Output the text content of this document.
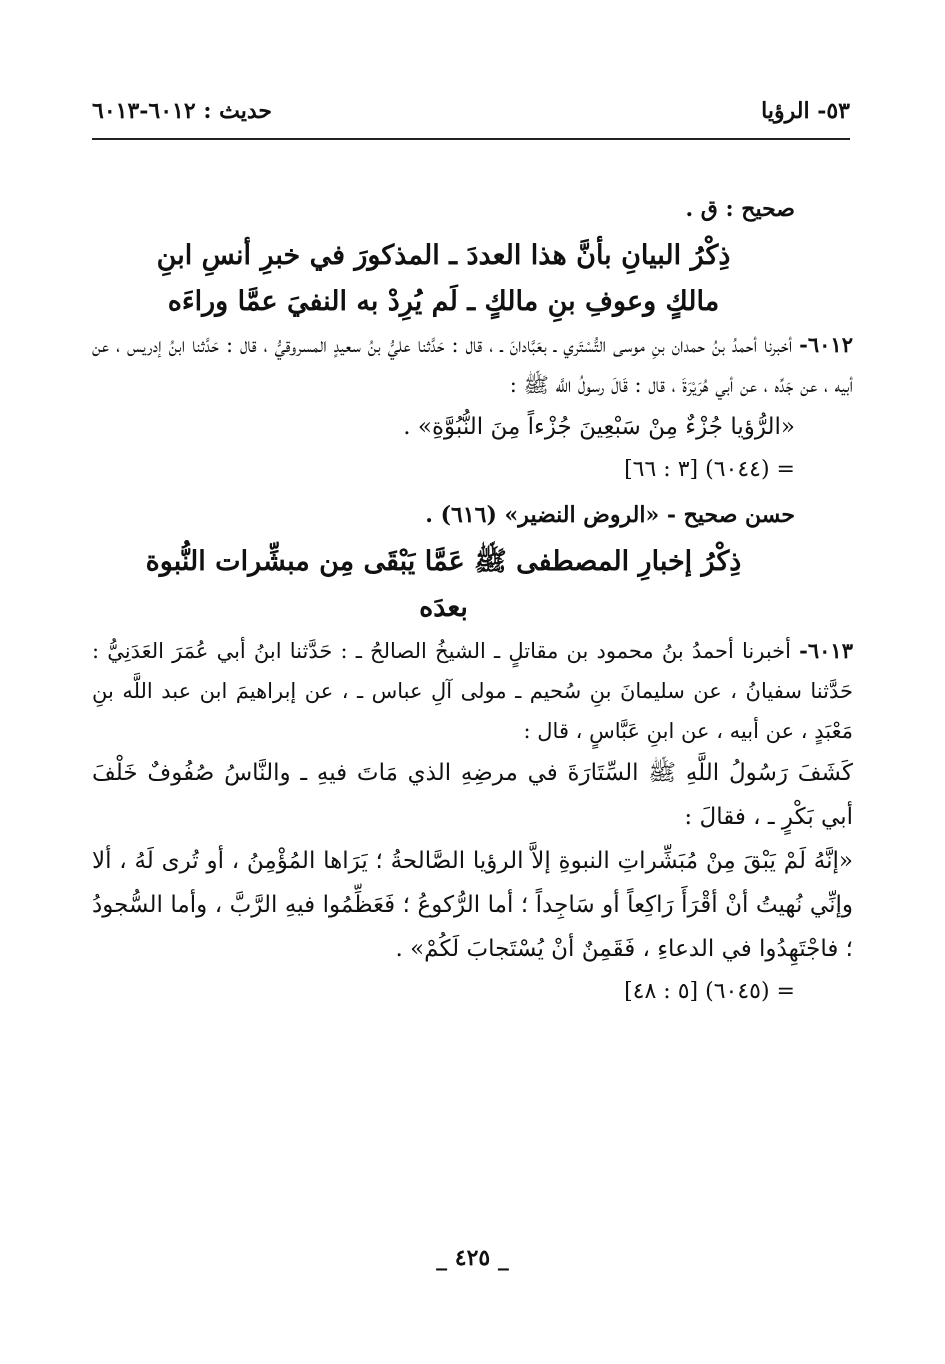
٥٣- الرؤيا
حديث : ٦٠١٢-٦٠١٣
صحيح : ق .
ذِكْرُ البيانِ بأنَّ هذا العددَ ـ المذكورَ في خبرِ أنسِ ابنِ
مالكٍ وعوفِ بنِ مالكٍ ـ لَم يُرِدْ به النفيَ عمَّا وراءَه
٦٠١٢- أخبرنا أحمدُ بنُ حمدان بنِ موسى التُّسْتَري ـ بعَبَّادانَ ـ ، قال : حَدَّثنا عليُّ بنُ سعيدٍ المسروقيُّ ، قال : حَدَّثنا ابنُ إدريس ، عن أبيه ، عن جَدِّه ، عن أبي هُرَيْرَةَ ، قال : قَالَ رسولُ اللَّه ﷺ :
«الرُّؤيا جُزْءٌ مِنْ سَبْعِينَ جُزْءاً مِنَ النُّبُوَّةِ» .
= (٦٠٤٤) [٣ : ٦٦]
حسن صحيح - «الروض النضير» (٦١٦) .
ذِكْرُ إخبارِ المصطفى ﷺ عَمَّا يَبْقَى مِن مبشِّرات النُّبوة
بعدَه
٦٠١٣- أخبرنا أحمدُ بنُ محمود بن مقاتلٍ ـ الشيخُ الصالحُ ـ : حَدَّثنا ابنُ أبي عُمَرَ العَدَنِيُّ : حَدَّثنا سفيانُ ، عن سليمانَ بنِ سُحيم ـ مولى آلِ عباس ـ ، عن إبراهيمَ ابن عبد اللَّه بنِ مَعْبَدٍ ، عن أبيه ، عن ابنِ عَبَّاسٍ ، قال :
كَشَفَ رَسُولُ اللَّهِ ﷺ السِّتَارَةَ في مرضِهِ الذي مَاتَ فيهِ ـ والنَّاسُ صُفُوفٌ خَلْفَ أبي بَكْرٍ ـ ، فقالَ :
«إنَّهُ لَمْ يَبْقَ مِنْ مُبَشِّراتِ النبوةِ إلاَّ الرؤيا الصَّالحةُ ؛ يَرَاها المُؤْمِنُ ، أو تُرى لَهُ ، ألا وإنِّي نُهيتُ أنْ أقْرَأَ رَاكِعاً أو سَاجِداً ؛ أما الرُّكوعُ ؛ فَعَظِّمُوا فيهِ الرَّبَّ ، وأما السُّجودُ ؛ فاجْتَهِدُوا في الدعاءِ ، فَقَمِنٌ أنْ يُسْتَجابَ لَكُمْ» .
= (٦٠٤٥) [٥ : ٤٨]
_ ٤٢٥ _
